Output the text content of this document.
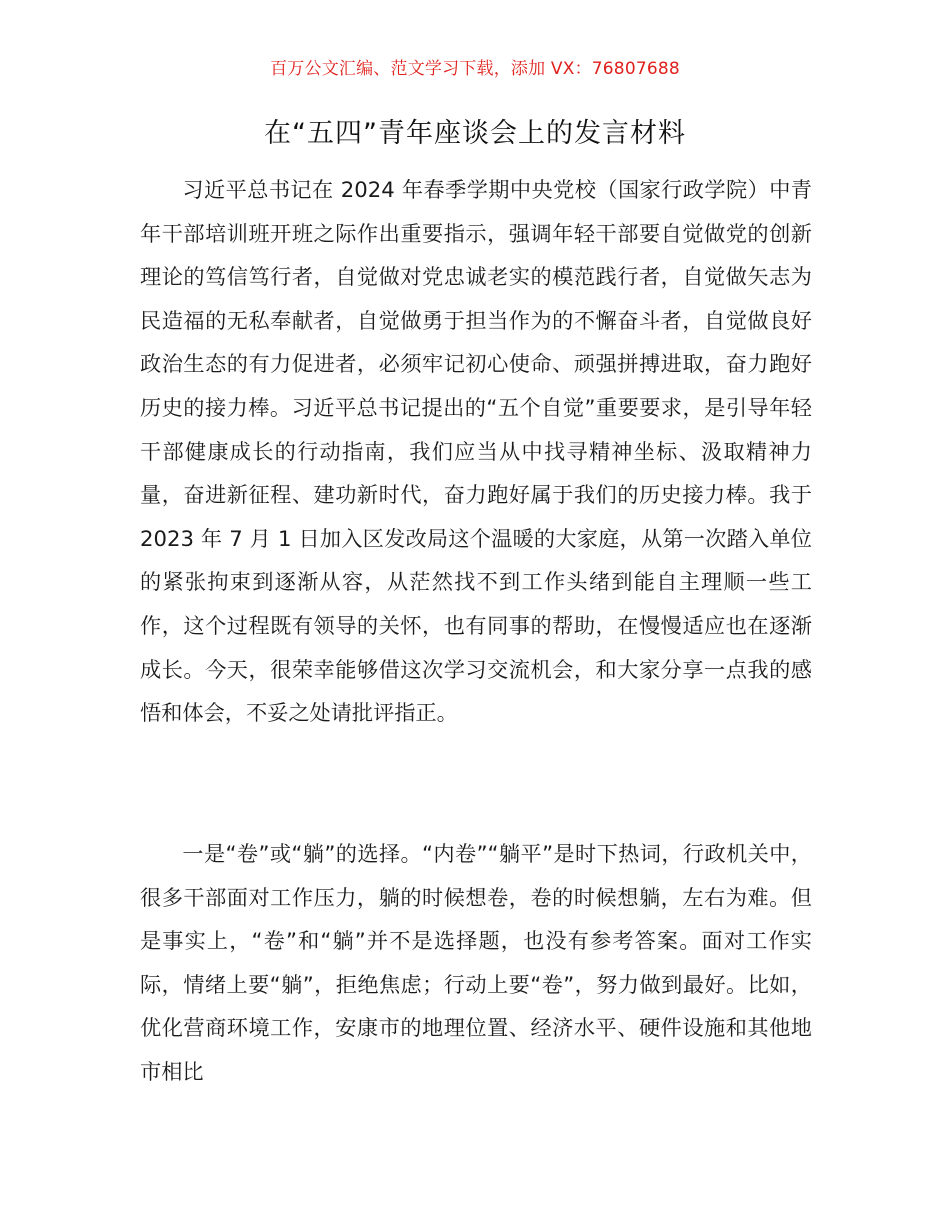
百万公文汇编、范文学习下载，添加 VX：76807688
在“五四”青年座谈会上的发言材料

习近平总书记在 2024 年春季学期中央党校（国家行政学院）中青年干部培训班开班之际作出重要指示，强调年轻干部要自觉做党的创新理论的笃信笃行者，自觉做对党忠诚老实的模范践行者，自觉做矢志为民造福的无私奉献者，自觉做勇于担当作为的不懈奋斗者，自觉做良好政治生态的有力促进者，必须牢记初心使命、顽强拼搏进取，奋力跑好历史的接力棒。习近平总书记提出的“五个自觉”重要要求，是引导年轻干部健康成长的行动指南，我们应当从中找寻精神坐标、汲取精神力量，奋进新征程、建功新时代，奋力跑好属于我们的历史接力棒。我于 2023 年 7 月 1 日加入区发改局这个温暖的大家庭，从第一次踏入单位的紧张拘束到逐渐从容，从茫然找不到工作头绪到能自主理顺一些工作，这个过程既有领导的关怀，也有同事的帮助，在慢慢适应也在逐渐成长。今天，很荣幸能够借这次学习交流机会，和大家分享一点我的感悟和体会，不妥之处请批评指正。

一是“卷”或“躺”的选择。“内卷”“躺平”是时下热词，行政机关中，很多干部面对工作压力，躺的时候想卷，卷的时候想躺，左右为难。但是事实上，“卷”和“躺”并不是选择题，也没有参考答案。面对工作实际，情绪上要“躺”，拒绝焦虑；行动上要“卷”，努力做到最好。比如，优化营商环境工作，安康市的地理位置、经济水平、硬件设施和其他地市相比
